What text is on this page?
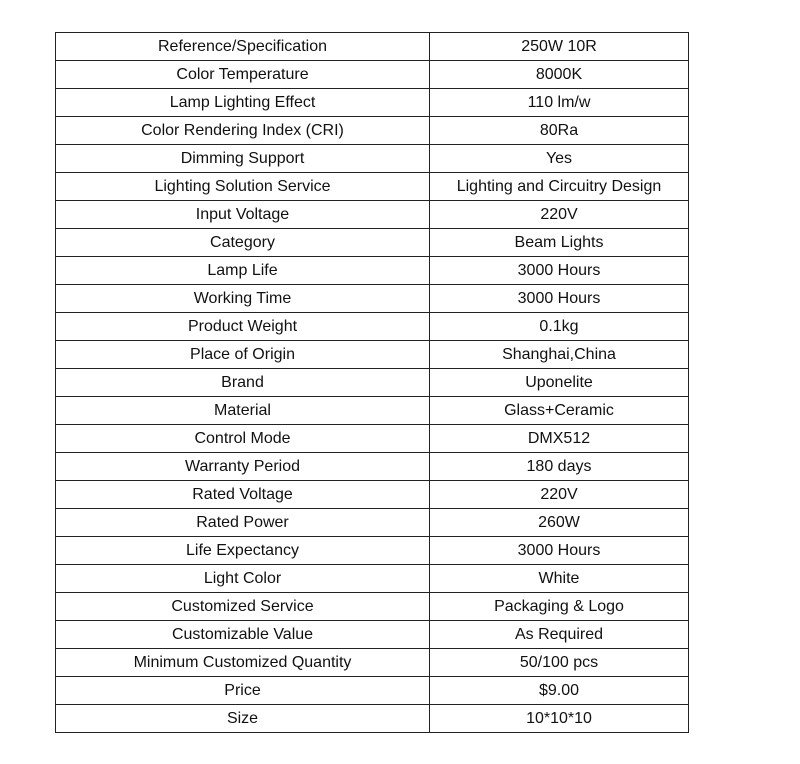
Reference/Specification	250W 10R
Color Temperature	8000K
Lamp Lighting Effect	110 lm/w
Color Rendering Index (CRI)	80Ra
Dimming Support	Yes
Lighting Solution Service	Lighting and Circuitry Design
Input Voltage	220V
Category	Beam Lights
Lamp Life	3000 Hours
Working Time	3000 Hours
Product Weight	0.1kg
Place of Origin	Shanghai,China
Brand	Uponelite
Material	Glass+Ceramic
Control Mode	DMX512
Warranty Period	180 days
Rated Voltage	220V
Rated Power	260W
Life Expectancy	3000 Hours
Light Color	White
Customized Service	Packaging & Logo
Customizable Value	As Required
Minimum Customized Quantity	50/100 pcs
Price	$9.00
Size	10*10*10
